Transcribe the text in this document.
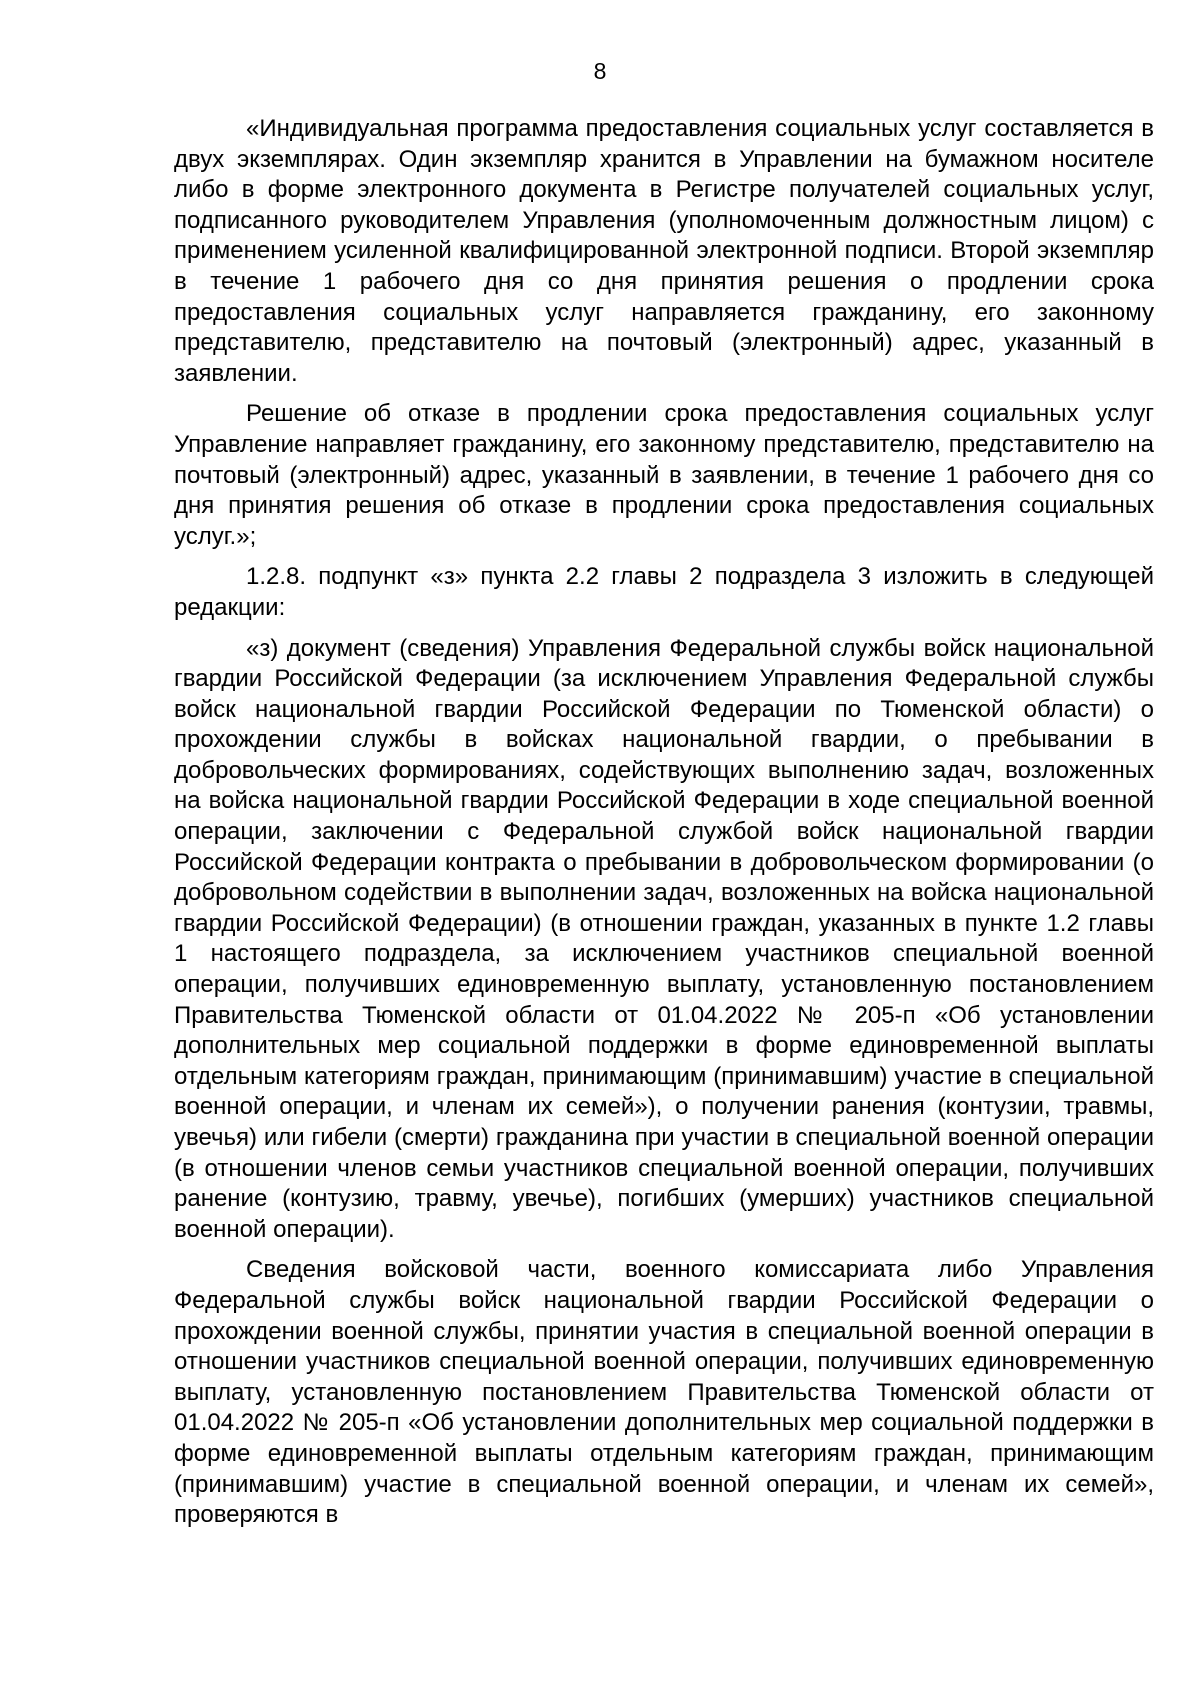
8

«Индивидуальная программа предоставления социальных услуг составляется в двух экземплярах. Один экземпляр хранится в Управлении на бумажном носителе либо в форме электронного документа в Регистре получателей социальных услуг, подписанного руководителем Управления (уполномоченным должностным лицом) с применением усиленной квалифицированной электронной подписи. Второй экземпляр в течение 1 рабочего дня со дня принятия решения о продлении срока предоставления социальных услуг направляется гражданину, его законному представителю, представителю на почтовый (электронный) адрес, указанный в заявлении.

Решение об отказе в продлении срока предоставления социальных услуг Управление направляет гражданину, его законному представителю, представителю на почтовый (электронный) адрес, указанный в заявлении, в течение 1 рабочего дня со дня принятия решения об отказе в продлении срока предоставления социальных услуг.»;

1.2.8. подпункт «з» пункта 2.2 главы 2 подраздела 3 изложить в следующей редакции:

«з) документ (сведения) Управления Федеральной службы войск национальной гвардии Российской Федерации (за исключением Управления Федеральной службы войск национальной гвардии Российской Федерации по Тюменской области) о прохождении службы в войсках национальной гвардии, о пребывании в добровольческих формированиях, содействующих выполнению задач, возложенных на войска национальной гвардии Российской Федерации в ходе специальной военной операции, заключении с Федеральной службой войск национальной гвардии Российской Федерации контракта о пребывании в добровольческом формировании (о добровольном содействии в выполнении задач, возложенных на войска национальной гвардии Российской Федерации) (в отношении граждан, указанных в пункте 1.2 главы 1 настоящего подраздела, за исключением участников специальной военной операции, получивших единовременную выплату, установленную постановлением Правительства Тюменской области от 01.04.2022 № 205-п «Об установлении дополнительных мер социальной поддержки в форме единовременной выплаты отдельным категориям граждан, принимающим (принимавшим) участие в специальной военной операции, и членам их семей»), о получении ранения (контузии, травмы, увечья) или гибели (смерти) гражданина при участии в специальной военной операции (в отношении членов семьи участников специальной военной операции, получивших ранение (контузию, травму, увечье), погибших (умерших) участников специальной военной операции).

Сведения войсковой части, военного комиссариата либо Управления Федеральной службы войск национальной гвардии Российской Федерации о прохождении военной службы, принятии участия в специальной военной операции в отношении участников специальной военной операции, получивших единовременную выплату, установленную постановлением Правительства Тюменской области от 01.04.2022 № 205-п «Об установлении дополнительных мер социальной поддержки в форме единовременной выплаты отдельным категориям граждан, принимающим (принимавшим) участие в специальной военной операции, и членам их семей», проверяются в
